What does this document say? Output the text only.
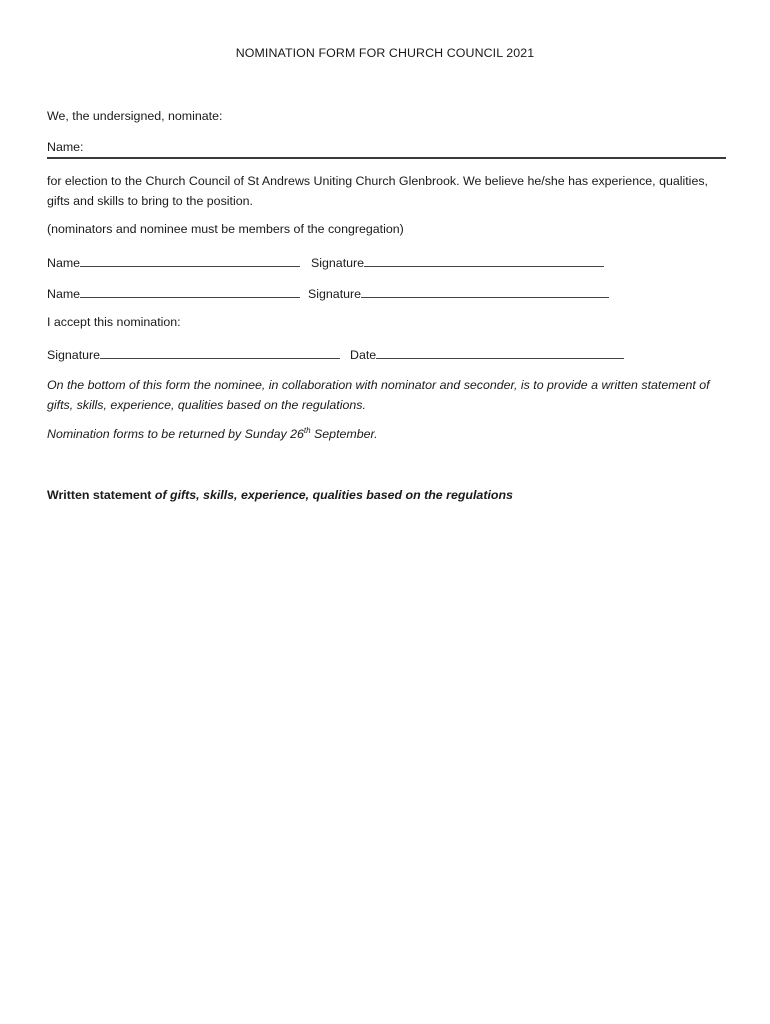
NOMINATION FORM FOR CHURCH COUNCIL 2021
We, the undersigned, nominate:
Name:
for election to the Church Council of St Andrews Uniting Church Glenbrook. We believe he/she has experience, qualities, gifts and skills to bring to the position.
(nominators and nominee must be members of the congregation)
Name	Signature
Name	Signature
I accept this nomination:
Signature	Date
On the bottom of this form the nominee, in collaboration with nominator and seconder, is to provide a written statement of gifts, skills, experience, qualities based on the regulations.
Nomination forms to be returned by Sunday 26th September.
Written statement of gifts, skills, experience, qualities based on the regulations
